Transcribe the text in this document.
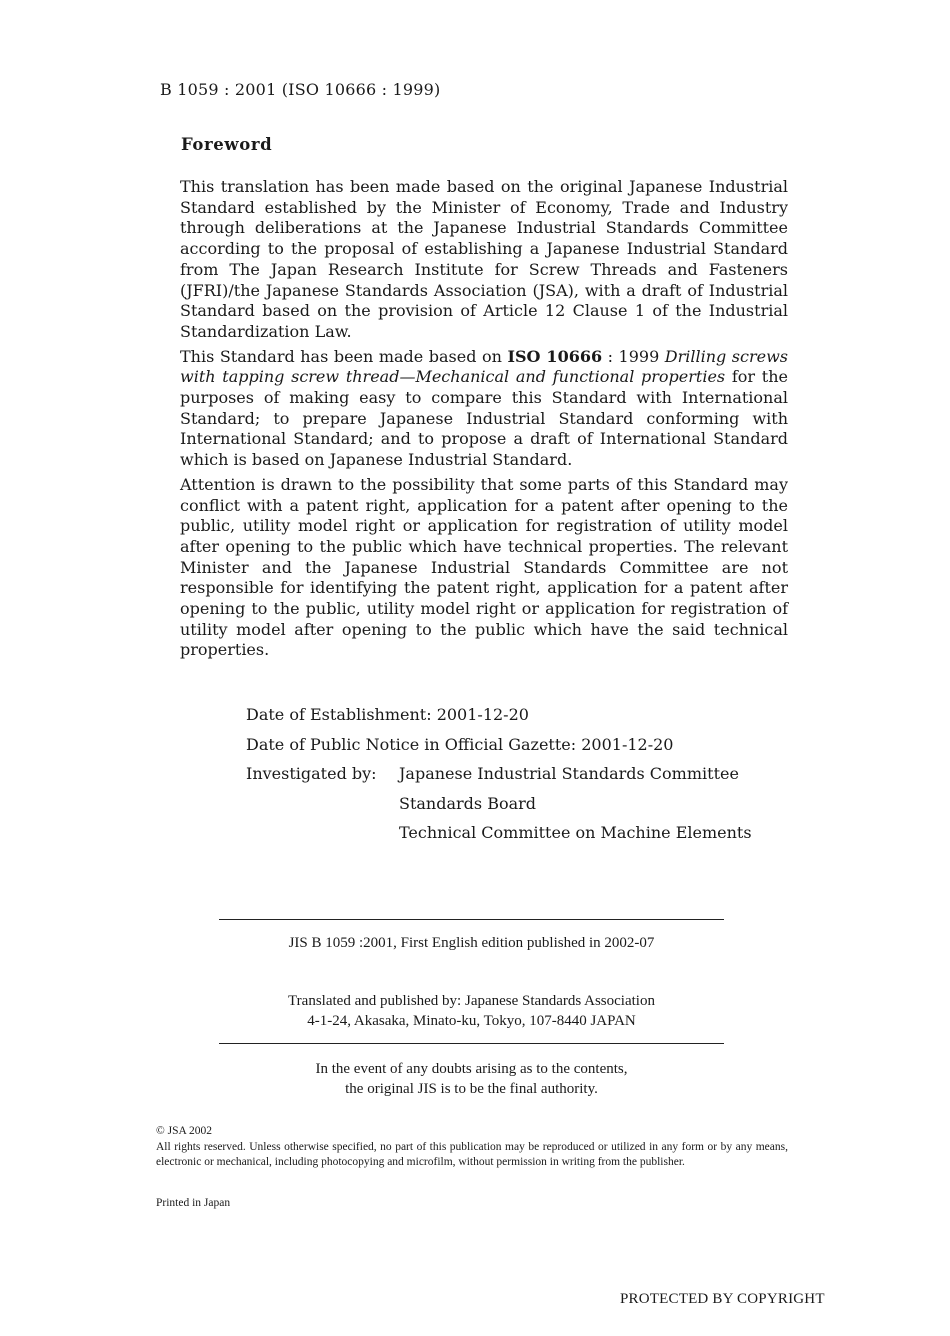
B 1059 : 2001 (ISO 10666 : 1999)
Foreword

This translation has been made based on the original Japanese Industrial Standard established by the Minister of Economy, Trade and Industry through deliberations at the Japanese Industrial Standards Committee according to the proposal of establishing a Japanese Industrial Standard from The Japan Research Institute for Screw Threads and Fasteners (JFRI)/the Japanese Standards Association (JSA), with a draft of Industrial Standard based on the provision of Article 12 Clause 1 of the Industrial Standardization Law.

This Standard has been made based on ISO 10666 : 1999 Drilling screws with tapping screw thread—Mechanical and functional properties for the purposes of making easy to compare this Standard with International Standard; to prepare Japanese Industrial Standard conforming with International Standard; and to propose a draft of International Standard which is based on Japanese Industrial Standard.

Attention is drawn to the possibility that some parts of this Standard may conflict with a patent right, application for a patent after opening to the public, utility model right or application for registration of utility model after opening to the public which have technical properties. The relevant Minister and the Japanese Industrial Standards Committee are not responsible for identifying the patent right, application for a patent after opening to the public, utility model right or application for registration of utility model after opening to the public which have the said technical properties.

Date of Establishment: 2001-12-20
Date of Public Notice in Official Gazette: 2001-12-20
Investigated by: Japanese Industrial Standards Committee
Standards Board
Technical Committee on Machine Elements
JIS B 1059 :2001, First English edition published in 2002-07
Translated and published by: Japanese Standards Association
4-1-24, Akasaka, Minato-ku, Tokyo, 107-8440 JAPAN
In the event of any doubts arising as to the contents,
the original JIS is to be the final authority.
© JSA 2002
All rights reserved. Unless otherwise specified, no part of this publication may be reproduced or utilized in any form or by any means, electronic or mechanical, including photocopying and microfilm, without permission in writing from the publisher.
Printed in Japan
PROTECTED BY COPYRIGHT
